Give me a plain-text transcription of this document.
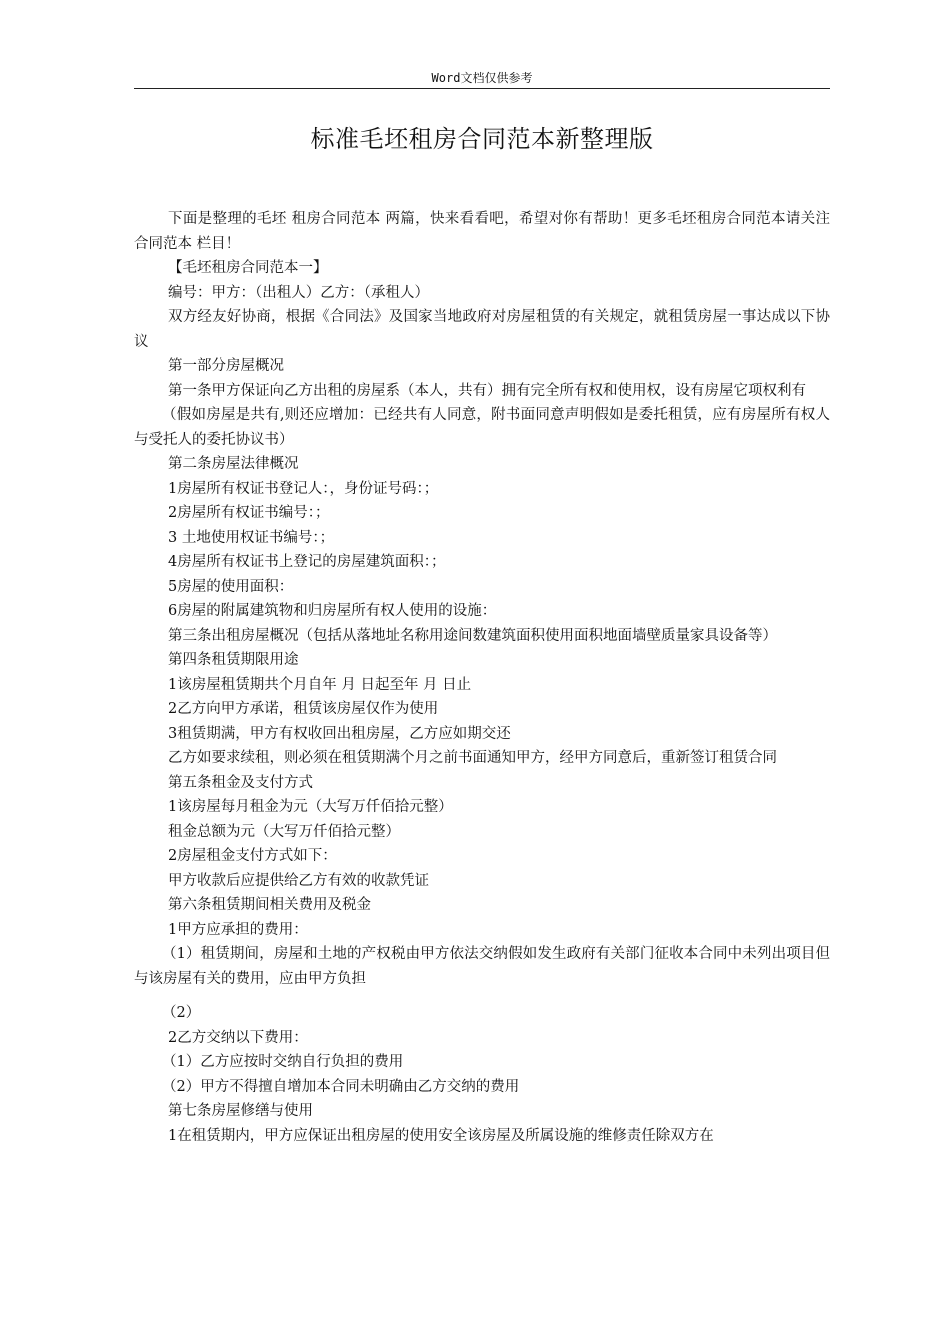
Word文档仅供参考
标准毛坯租房合同范本新整理版

下面是整理的毛坯 租房合同范本 两篇，快来看看吧，希望对你有帮助！更多毛坯租房合同范本请关注 合同范本 栏目！

【毛坯租房合同范本一】

编号：甲方：（出租人）乙方：（承租人）

双方经友好协商，根据《合同法》及国家当地政府对房屋租赁的有关规定，就租赁房屋一事达成以下协议

第一部分房屋概况

第一条甲方保证向乙方出租的房屋系（本人，共有）拥有完全所有权和使用权，设有房屋它项权利有

（假如房屋是共有,则还应增加：已经共有人同意，附书面同意声明假如是委托租赁，应有房屋所有权人与受托人的委托协议书）

第二条房屋法律概况

1房屋所有权证书登记人：，身份证号码：；

2房屋所有权证书编号：；

3 土地使用权证书编号：；

4房屋所有权证书上登记的房屋建筑面积：；

5房屋的使用面积：

6房屋的附属建筑物和归房屋所有权人使用的设施：

第三条出租房屋概况（包括从落地址名称用途间数建筑面积使用面积地面墙壁质量家具设备等）

第四条租赁期限用途

1该房屋租赁期共个月自年 月 日起至年 月 日止

2乙方向甲方承诺，租赁该房屋仅作为使用

3租赁期满，甲方有权收回出租房屋，乙方应如期交还

乙方如要求续租，则必须在租赁期满个月之前书面通知甲方，经甲方同意后，重新签订租赁合同

第五条租金及支付方式

1该房屋每月租金为元（大写万仟佰拾元整）

租金总额为元（大写万仟佰拾元整）

2房屋租金支付方式如下：

甲方收款后应提供给乙方有效的收款凭证

第六条租赁期间相关费用及税金

1甲方应承担的费用：

（1）租赁期间，房屋和土地的产权税由甲方依法交纳假如发生政府有关部门征收本合同中未列出项目但与该房屋有关的费用，应由甲方负担

（2）

2乙方交纳以下费用：

（1）乙方应按时交纳自行负担的费用

（2）甲方不得擅自增加本合同未明确由乙方交纳的费用

第七条房屋修缮与使用

1在租赁期内，甲方应保证出租房屋的使用安全该房屋及所属设施的维修责任除双方在
